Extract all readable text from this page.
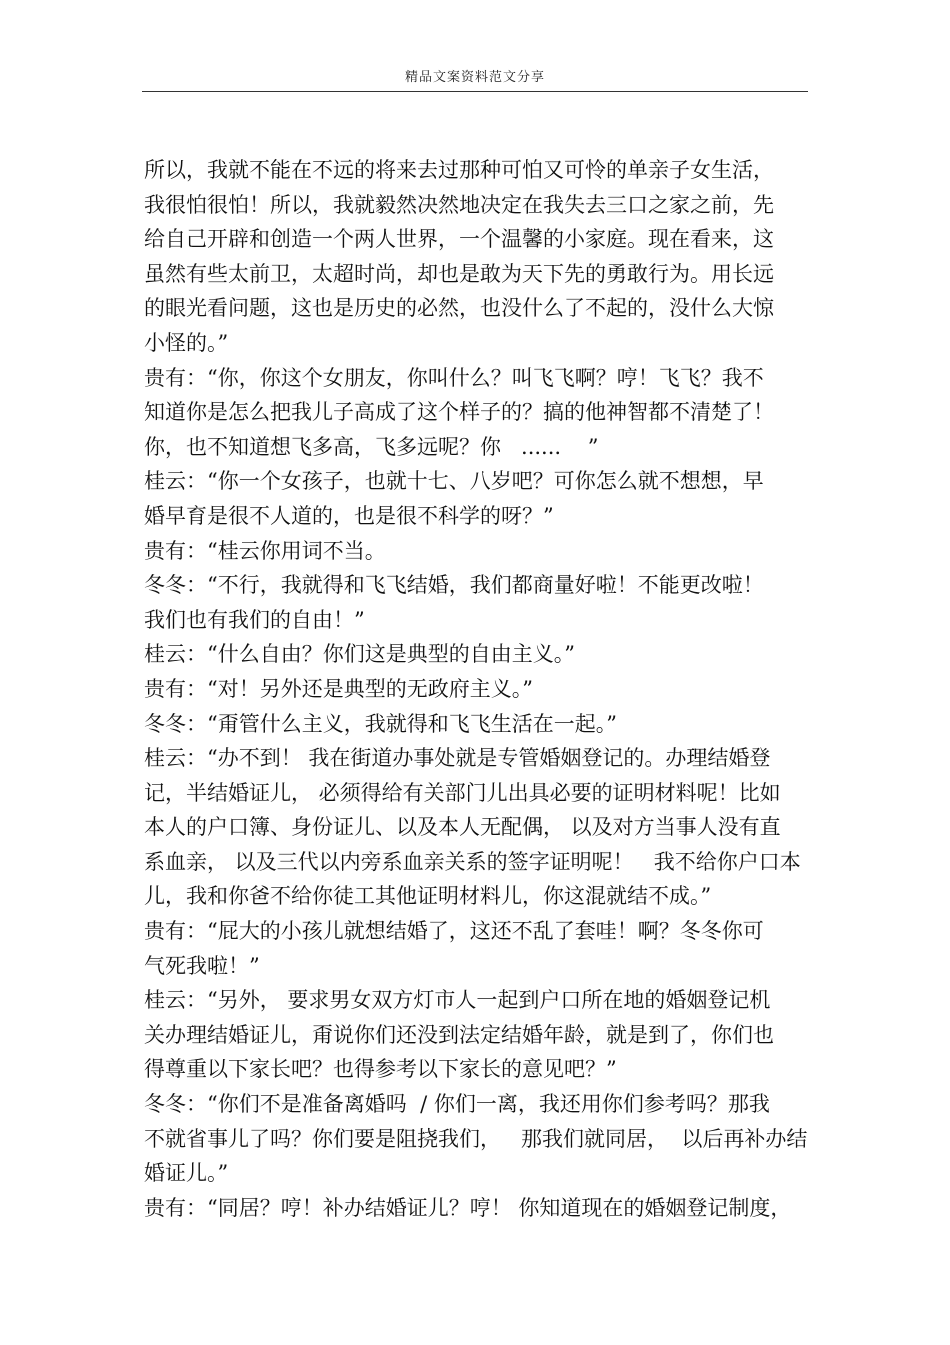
精品文案资料范文分享

所以，我就不能在不远的将来去过那种可怕又可怜的单亲子女生活，

我很怕很怕！所以，我就毅然决然地决定在我失去三口之家之前，先

给自己开辟和创造一个两人世界，一个温馨的小家庭。现在看来，这

虽然有些太前卫，太超时尚，却也是敢为天下先的勇敢行为。用长远

的眼光看问题，这也是历史的必然，也没什么了不起的，没什么大惊

小怪的。”

贵有：“你，你这个女朋友，你叫什么？叫飞飞啊？哼！飞飞？我不

知道你是怎么把我儿子高成了这个样子的？搞的他神智都不清楚了！

你，也不知道想飞多高，飞多远呢？你   ......    ”

桂云：“你一个女孩子，也就十七、八岁吧？可你怎么就不想想，早

婚早育是很不人道的，也是很不科学的呀？”

贵有：“桂云你用词不当。

冬冬：“不行，我就得和飞飞结婚，我们都商量好啦！不能更改啦！

我们也有我们的自由！”

桂云：“什么自由？你们这是典型的自由主义。”

贵有：“对！另外还是典型的无政府主义。”

冬冬：“甭管什么主义，我就得和飞飞生活在一起。”

桂云：“办不到！ 我在街道办事处就是专管婚姻登记的。办理结婚登

记，半结婚证儿， 必须得给有关部门儿出具必要的证明材料呢！比如

本人的户口簿、身份证儿、以及本人无配偶， 以及对方当事人没有直

系血亲， 以及三代以内旁系血亲关系的签字证明呢！   我不给你户口本

儿，我和你爸不给你徒工其他证明材料儿，你这混就结不成。”

贵有：“屁大的小孩儿就想结婚了，这还不乱了套哇！啊？冬冬你可

气死我啦！”

桂云：“另外， 要求男女双方灯市人一起到户口所在地的婚姻登记机

关办理结婚证儿，甭说你们还没到法定结婚年龄，就是到了，你们也

得尊重以下家长吧？也得参考以下家长的意见吧？”

冬冬：“你们不是准备离婚吗  / 你们一离，我还用你们参考吗？那我

不就省事儿了吗？你们要是阻挠我们，   那我们就同居，  以后再补办结

婚证儿。”

贵有：“同居？哼！补办结婚证儿？哼！ 你知道现在的婚姻登记制度，
